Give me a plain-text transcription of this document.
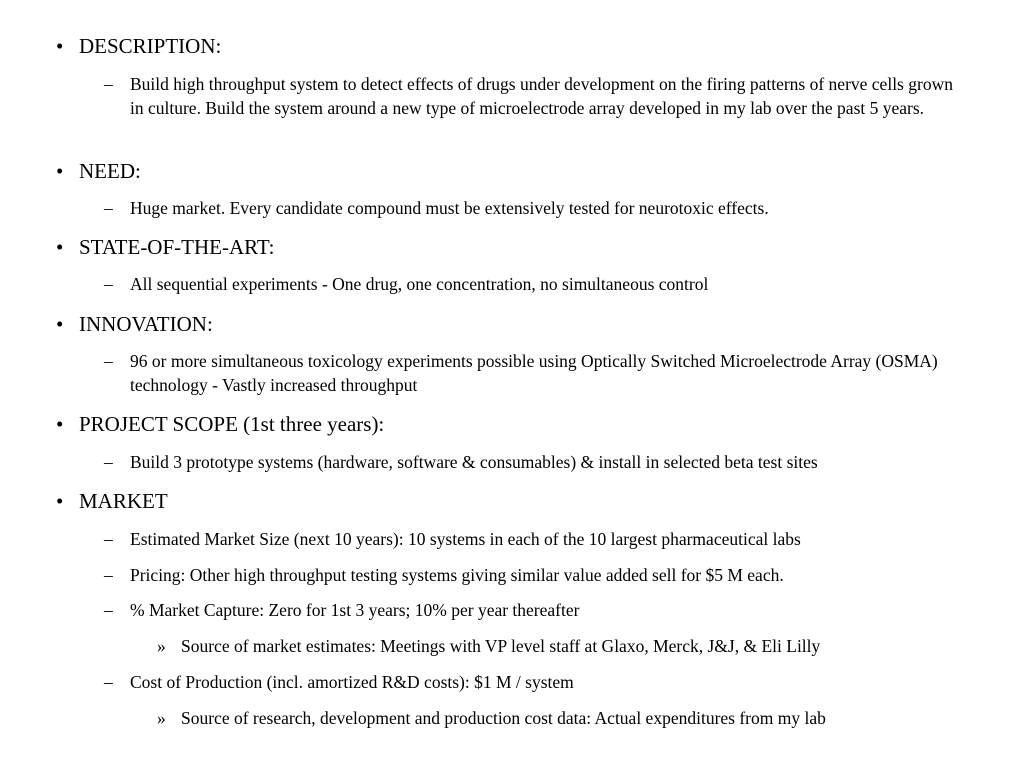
• DESCRIPTION:
– Build high throughput system to detect effects of drugs under development on the firing patterns of nerve cells grown in culture. Build the system around a new type of microelectrode array developed in my lab over the past 5 years.
• NEED:
– Huge market. Every candidate compound must be extensively tested for neurotoxic effects.
• STATE-OF-THE-ART:
– All sequential experiments - One drug, one concentration, no simultaneous control
• INNOVATION:
– 96 or more simultaneous toxicology experiments possible using Optically Switched Microelectrode Array (OSMA) technology - Vastly increased throughput
• PROJECT SCOPE (1st three years):
– Build 3 prototype systems (hardware, software & consumables) & install in selected beta test sites
• MARKET
– Estimated Market Size (next 10 years): 10 systems in each of the 10 largest pharmaceutical labs
– Pricing: Other high throughput testing systems giving similar value added sell for $5 M each.
– % Market Capture: Zero for 1st 3 years; 10% per year thereafter
» Source of market estimates: Meetings with VP level staff at Glaxo, Merck, J&J, & Eli Lilly
– Cost of Production (incl. amortized R&D costs): $1 M / system
» Source of research, development and production cost data: Actual expenditures from my lab
